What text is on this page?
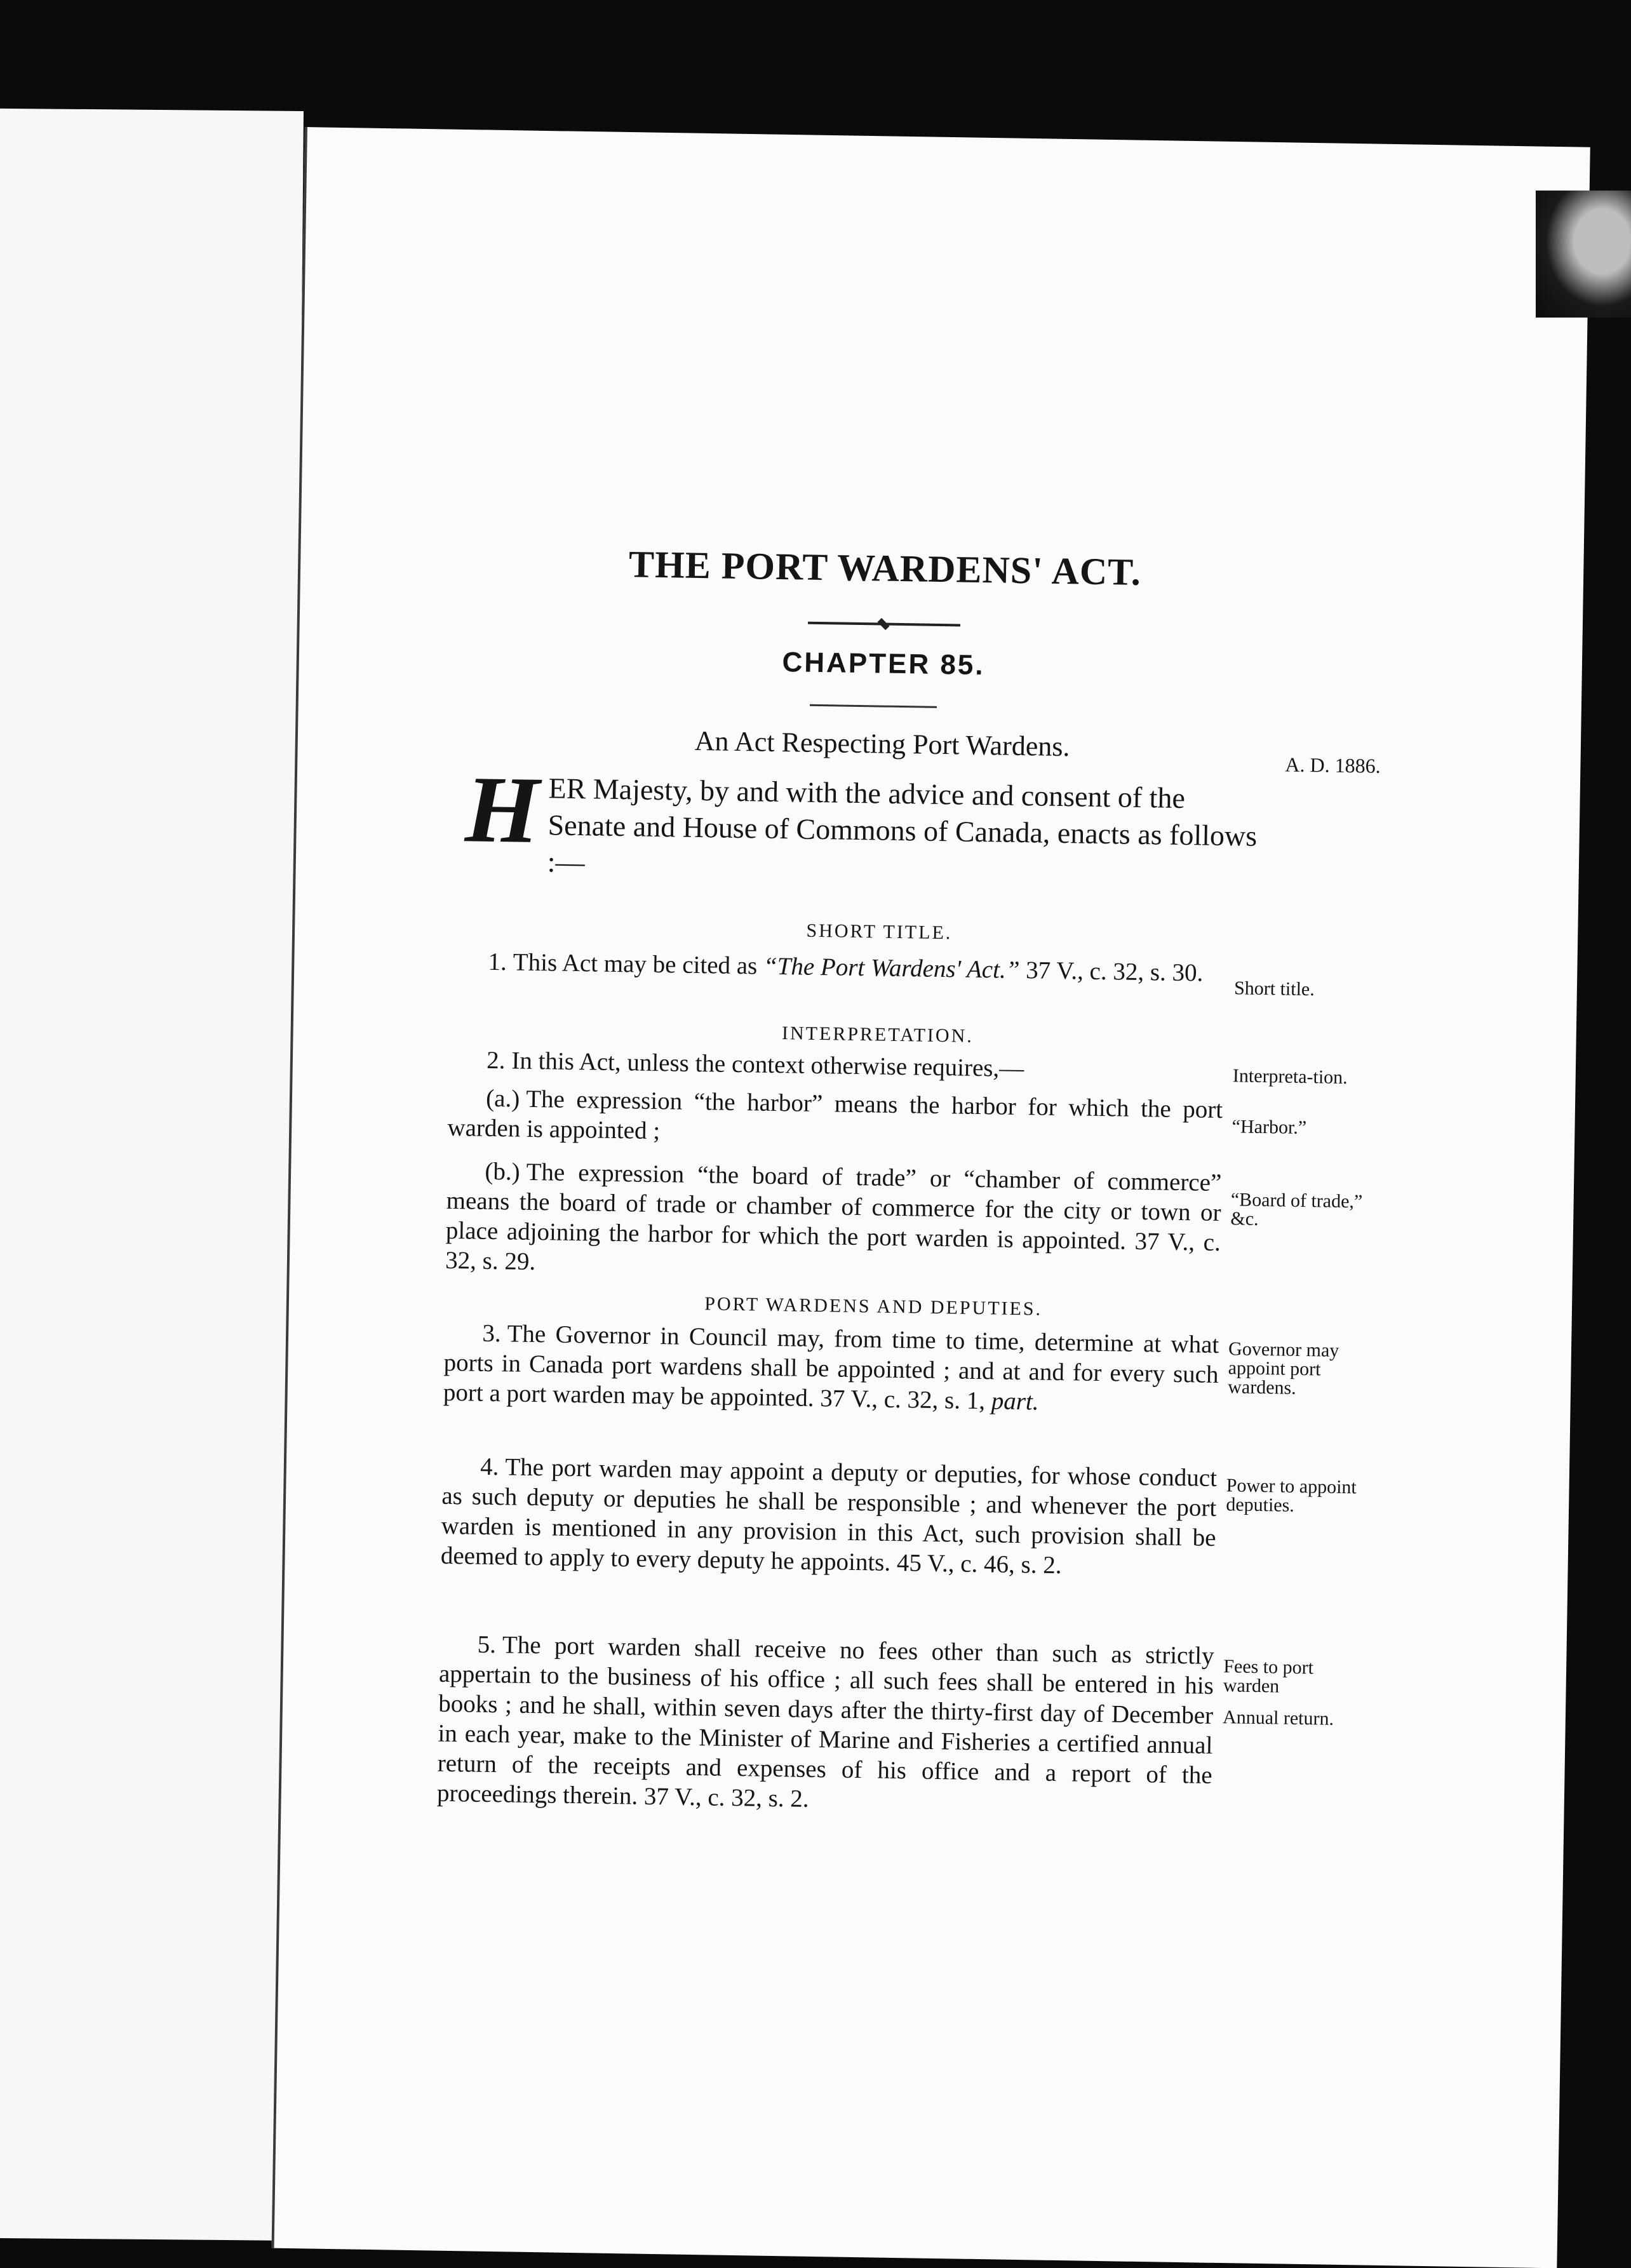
THE PORT WARDENS' ACT.
CHAPTER 85.
An Act Respecting Port Wardens.
A. D. 1886.
H ER Majesty, by and with the advice and consent of the Senate and House of Commons of Canada, enacts as follows :—
SHORT TITLE.
1. This Act may be cited as “The Port Wardens' Act.” 37 V., c. 32, s. 30.
Short title.
INTERPRETATION.
2. In this Act, unless the context otherwise requires,—	Interpreta-tion.
(a.) The expression “the harbor” means the harbor for which the port warden is appointed ;	“Harbor.”
(b.) The expression “the board of trade” or “chamber of commerce” means the board of trade or chamber of commerce for the city or town or place adjoining the harbor for which the port warden is appointed. 37 V., c. 32, s. 29.
“Board of trade,” &c.
PORT WARDENS AND DEPUTIES.
3. The Governor in Council may, from time to time, determine at what ports in Canada port wardens shall be appointed ; and at and for every such port a port warden may be appointed. 37 V., c. 32, s. 1, part.
Governor may appoint port wardens.
4. The port warden may appoint a deputy or deputies, for whose conduct as such deputy or deputies he shall be responsible ; and whenever the port warden is mentioned in any provision in this Act, such provision shall be deemed to apply to every deputy he appoints. 45 V., c. 46, s. 2.
Power to appoint deputies.
5. The port warden shall receive no fees other than such as strictly appertain to the business of his office ; all such fees shall be entered in his books ; and he shall, within seven days after the thirty-first day of December in each year, make to the Minister of Marine and Fisheries a certified annual return of the receipts and expenses of his office and a report of the proceedings therein. 37 V., c. 32, s. 2.
Fees to port warden
Annual return.
